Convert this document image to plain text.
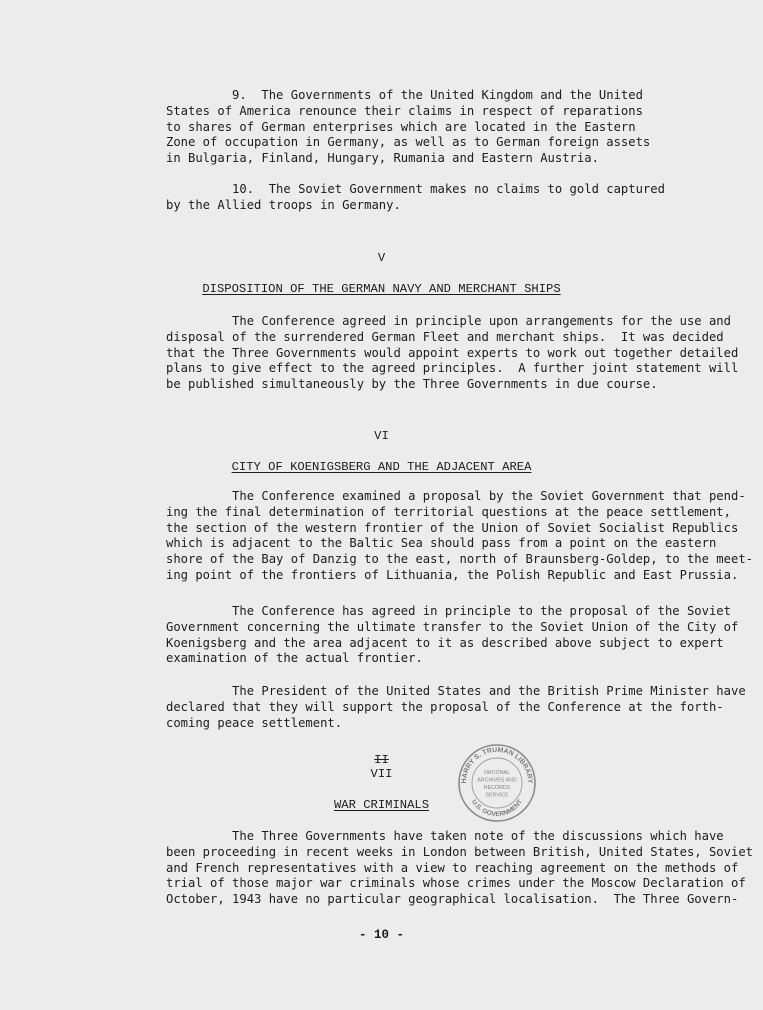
9.  The Governments of the United Kingdom and the United
States of America renounce their claims in respect of reparations
to shares of German enterprises which are located in the Eastern
Zone of occupation in Germany, as well as to German foreign assets
in Bulgaria, Finland, Hungary, Rumania and Eastern Austria.
10.  The Soviet Government makes no claims to gold captured
by the Allied troops in Germany.
V
DISPOSITION OF THE GERMAN NAVY AND MERCHANT SHIPS
The Conference agreed in principle upon arrangements for the use and
disposal of the surrendered German Fleet and merchant ships.  It was decided
that the Three Governments would appoint experts to work out together detailed
plans to give effect to the agreed principles.  A further joint statement will
be published simultaneously by the Three Governments in due course.
VI
CITY OF KOENIGSBERG AND THE ADJACENT AREA
The Conference examined a proposal by the Soviet Government that pend-
ing the final determination of territorial questions at the peace settlement,
the section of the western frontier of the Union of Soviet Socialist Republics
which is adjacent to the Baltic Sea should pass from a point on the eastern
shore of the Bay of Danzig to the east, north of Braunsberg-Goldep, to the meet-
ing point of the frontiers of Lithuania, the Polish Republic and East Prussia.
The Conference has agreed in principle to the proposal of the Soviet
Government concerning the ultimate transfer to the Soviet Union of the City of
Koenigsberg and the area adjacent to it as described above subject to expert
examination of the actual frontier.
The President of the United States and the British Prime Minister have
declared that they will support the proposal of the Conference at the forth-
coming peace settlement.
II
VII
WAR CRIMINALS
The Three Governments have taken note of the discussions which have
been proceeding in recent weeks in London between British, United States, Soviet
and French representatives with a view to reaching agreement on the methods of
trial of those major war criminals whose crimes under the Moscow Declaration of
October, 1943 have no particular geographical localisation.  The Three Govern-
HARRY S. TRUMAN LIBRARY
U.S. GOVERNMENT
NATIONAL
ARCHIVES AND
RECORDS
SERVICE
- 10 -
